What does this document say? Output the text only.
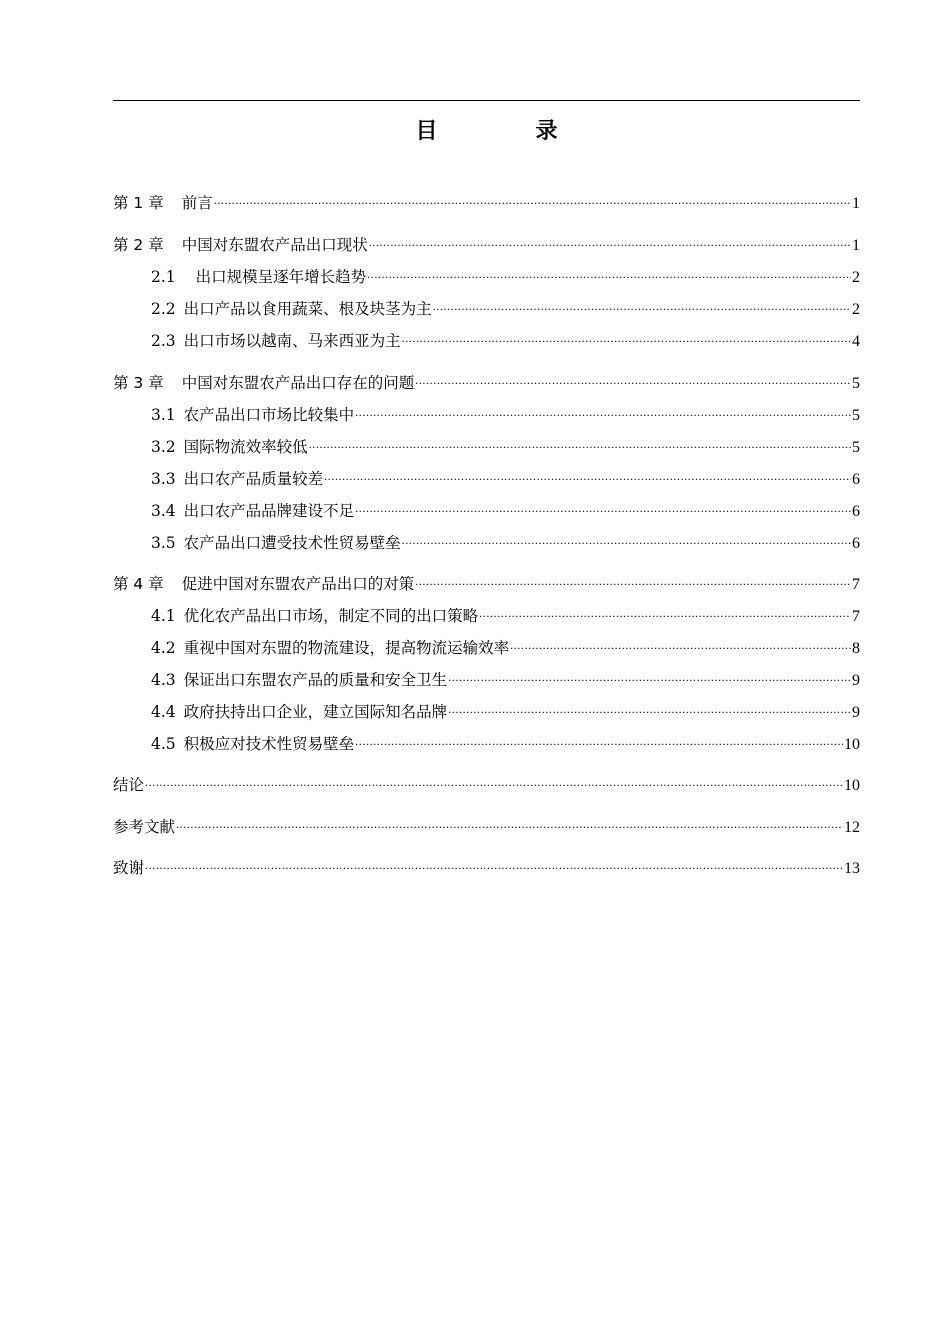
目　录
第 1 章 前言 .....	1
第 2 章 中国对东盟农产品出口现状 .....	1
2.1 出口规模呈逐年增长趋势 .....	2
2.2 出口产品以食用蔬菜、根及块茎为主 .....	2
2.3 出口市场以越南、马来西亚为主 .....	4
第 3 章 中国对东盟农产品出口存在的问题 .....	5
3.1 农产品出口市场比较集中 .....	5
3.2 国际物流效率较低 .....	5
3.3 出口农产品质量较差 .....	6
3.4 出口农产品品牌建设不足 .....	6
3.5 农产品出口遭受技术性贸易壁垒 .....	6
第 4 章 促进中国对东盟农产品出口的对策 .....	7
4.1 优化农产品出口市场，制定不同的出口策略 .....	7
4.2 重视中国对东盟的物流建设，提高物流运输效率 .....	8
4.3 保证出口东盟农产品的质量和安全卫生 .....	9
4.4 政府扶持出口企业，建立国际知名品牌 .....	9
4.5 积极应对技术性贸易壁垒 .....	10
结论 .....	10
参考文献 .....	12
致谢 .....	13
